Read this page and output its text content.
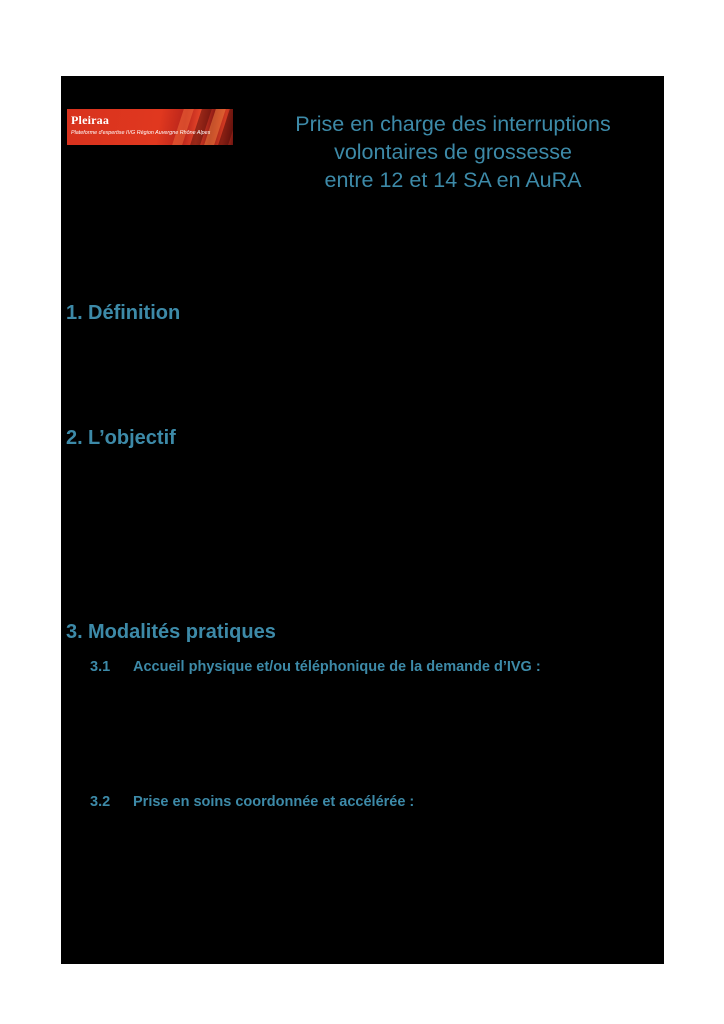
Pleiraa
Plateforme d'expertise IVG Région Auvergne Rhône Alpes	Prise en charge des interruptions
volontaires de grossesse
entre 12 et 14 SA en AuRA
1. Définition
2. L’objectif
3. Modalités pratiques
3.1 Accueil physique et/ou téléphonique de la demande d’IVG :
3.2 Prise en soins coordonnée et accélérée :
